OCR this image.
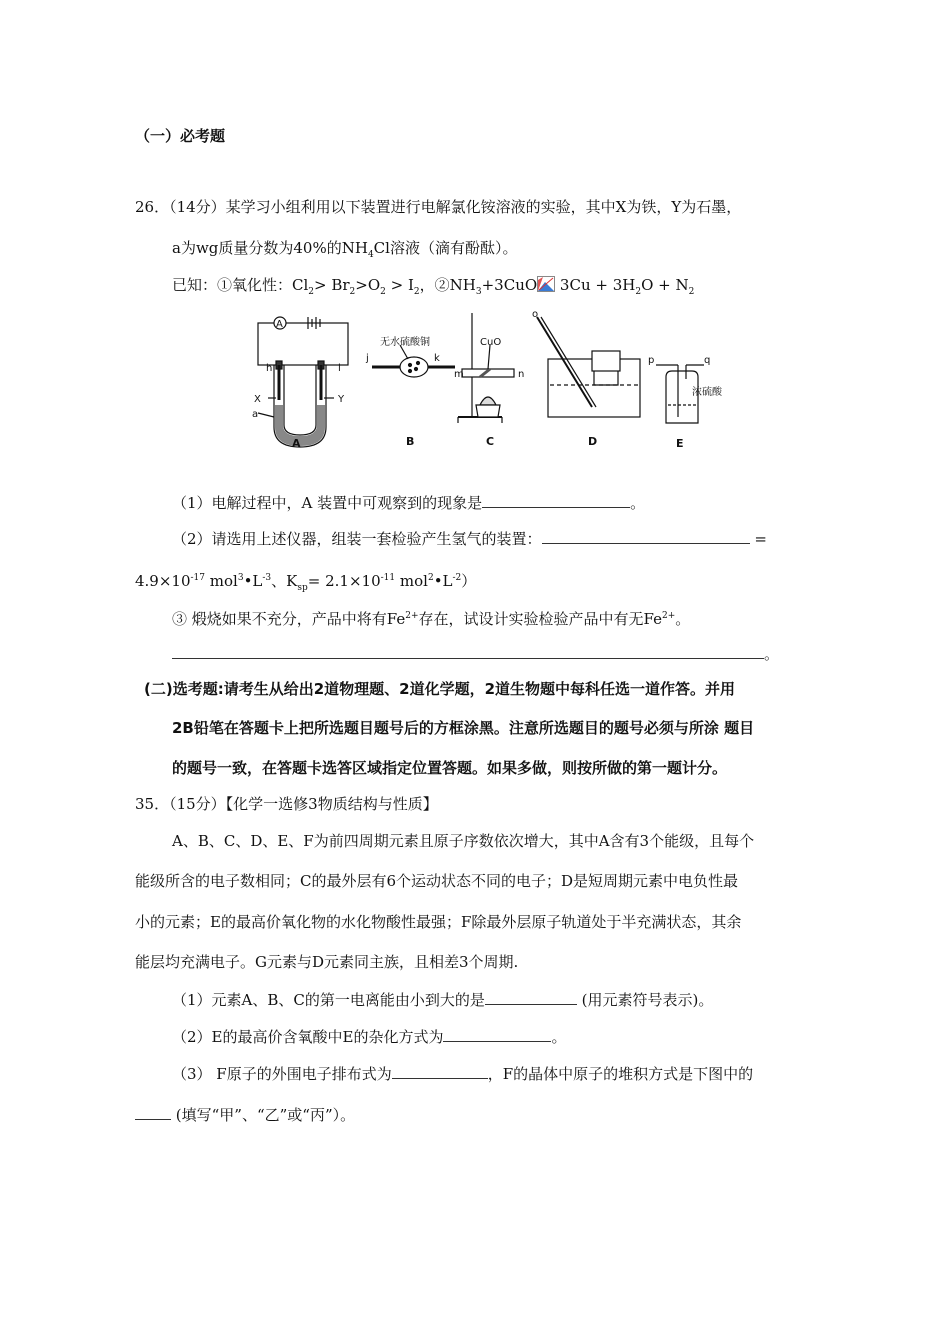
（一）必考题
26．（14分）某学习小组利用以下装置进行电解氯化铵溶液的实验，其中X为铁，Y为石墨，
a为wg质量分数为40%的$NH_4Cl$溶液（滴有酚酞）。
已知：①氧化性：$Cl_2> Br_2>O_2 > I_2$，$②NH_3+3CuO$ $3Cu + 3H_2O + N_2$
A
h	i
X	Y
a
无水硫酸铜
j	k
CuO
m	n
o
p	q
浓硫酸
A	B	C	D	E
（1）电解过程中，A 装置中可观察到的现象是	。
（2）请选用上述仪器，组装一套检验产生氢气的装置：	=
$4.9\times 10^{-17}$ $mol^3•L^{-3}$、$K_{sp}= 2.1\times 10^{-11}$ $mol^2•L^{-2}$）
③ 煅烧如果不充分，产品中将有$Fe^{2+}$存在，试设计实验检验产品中有无$Fe^{2+}$。
。
(二)选考题:请考生从给出2道物理题、2道化学题，2道生物题中每科任选一道作答。并用
2B铅笔在答题卡上把所选题目题号后的方框涂黑。注意所选题目的题号必须与所涂 题目
的题号一致，在答题卡选答区域指定位置答题。如果多做，则按所做的第一题计分。
35．（15分）【化学一选修3物质结构与性质】
A、B、C、D、E、F为前四周期元素且原子序数依次增大，其中A含有3个能级，且每个
能级所含的电子数相同；C的最外层有6个运动状态不同的电子；D是短周期元素中电负性最
小的元素；E的最高价氧化物的水化物酸性最强；F除最外层原子轨道处于半充满状态，其余
能层均充满电子。G元素与D元素同主族，且相差3个周期.
（1）元素A、B、C的第一电离能由小到大的是	(用元素符号表示)。
（2）E的最高价含氧酸中E的杂化方式为	。
（3） F原子的外围电子排布式为	，F的晶体中原子的堆积方式是下图中的
(填写“甲”、“乙”或“丙”）。
